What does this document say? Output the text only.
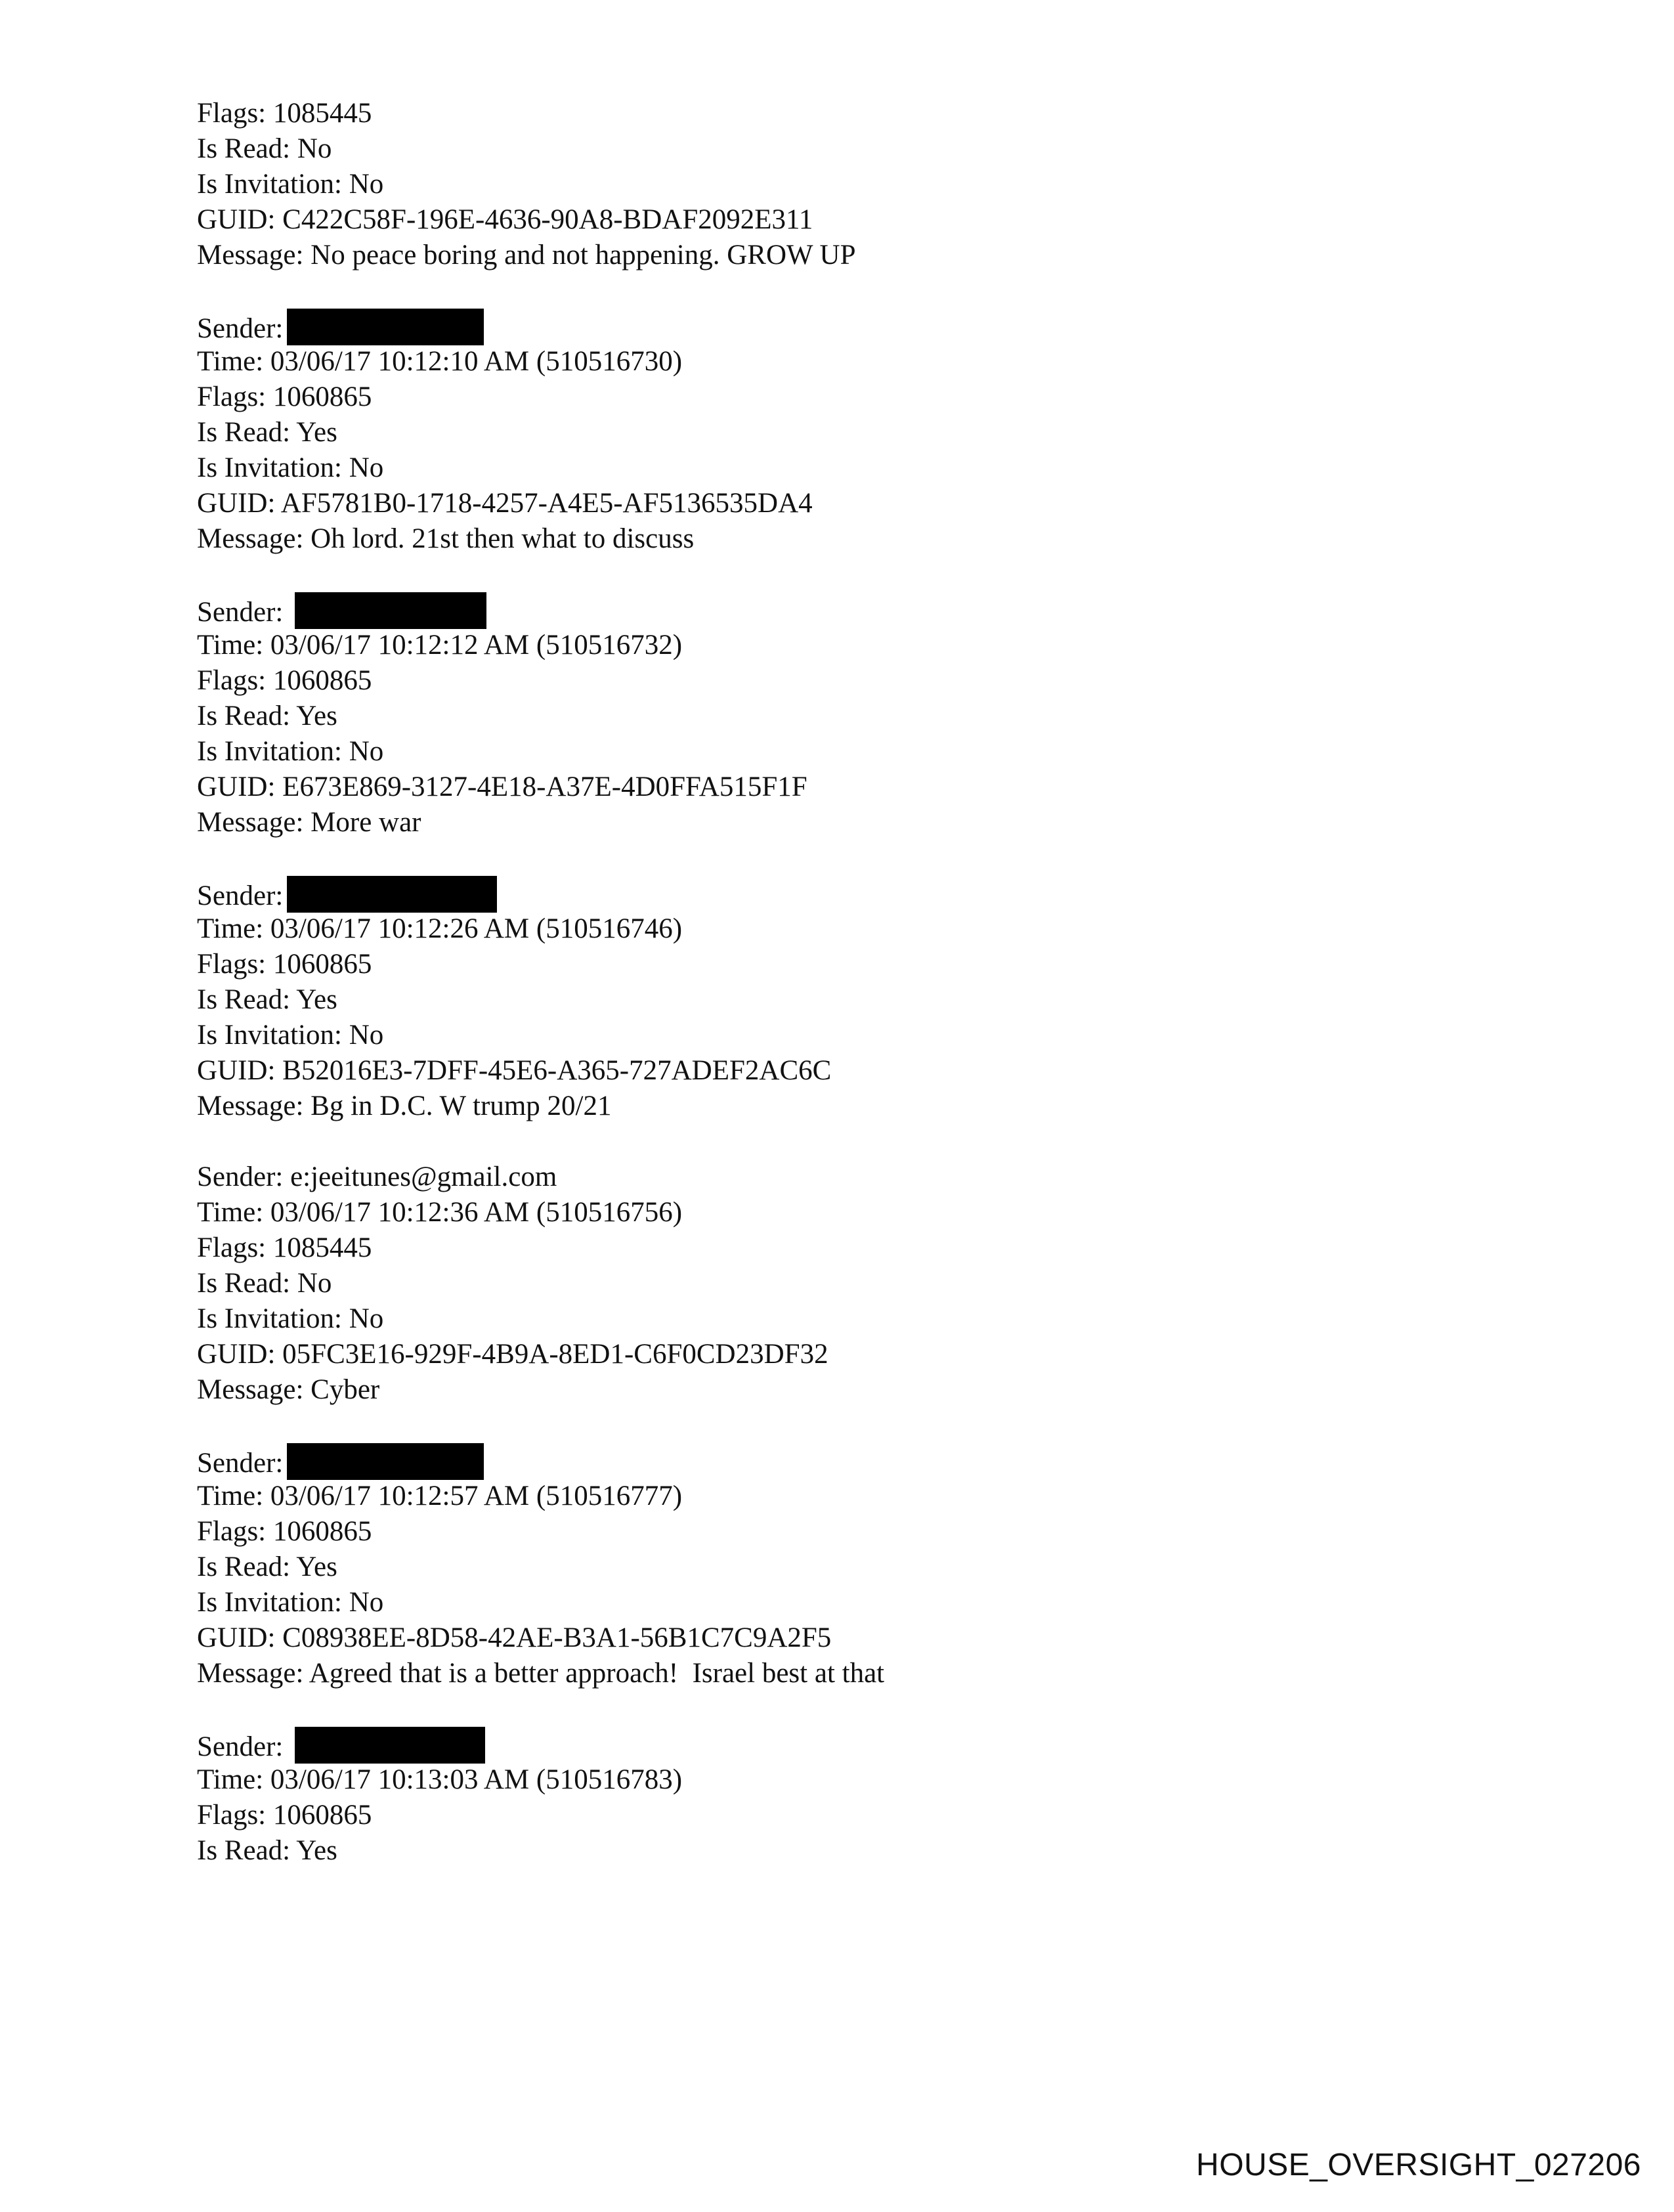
Flags: 1085445
Is Read: No
Is Invitation: No
GUID: C422C58F-196E-4636-90A8-BDAF2092E311
Message: No peace boring and not happening. GROW UP
Sender:
Time: 03/06/17 10:12:10 AM (510516730)
Flags: 1060865
Is Read: Yes
Is Invitation: No
GUID: AF5781B0-1718-4257-A4E5-AF5136535DA4
Message: Oh lord. 21st then what to discuss
Sender:
Time: 03/06/17 10:12:12 AM (510516732)
Flags: 1060865
Is Read: Yes
Is Invitation: No
GUID: E673E869-3127-4E18-A37E-4D0FFA515F1F
Message: More war
Sender:
Time: 03/06/17 10:12:26 AM (510516746)
Flags: 1060865
Is Read: Yes
Is Invitation: No
GUID: B52016E3-7DFF-45E6-A365-727ADEF2AC6C
Message: Bg in D.C. W trump 20/21
Sender: e:jeeitunes@gmail.com
Time: 03/06/17 10:12:36 AM (510516756)
Flags: 1085445
Is Read: No
Is Invitation: No
GUID: 05FC3E16-929F-4B9A-8ED1-C6F0CD23DF32
Message: Cyber
Sender:
Time: 03/06/17 10:12:57 AM (510516777)
Flags: 1060865
Is Read: Yes
Is Invitation: No
GUID: C08938EE-8D58-42AE-B3A1-56B1C7C9A2F5
Message: Agreed that is a better approach!  Israel best at that
Sender:
Time: 03/06/17 10:13:03 AM (510516783)
Flags: 1060865
Is Read: Yes
HOUSE_OVERSIGHT_027206
